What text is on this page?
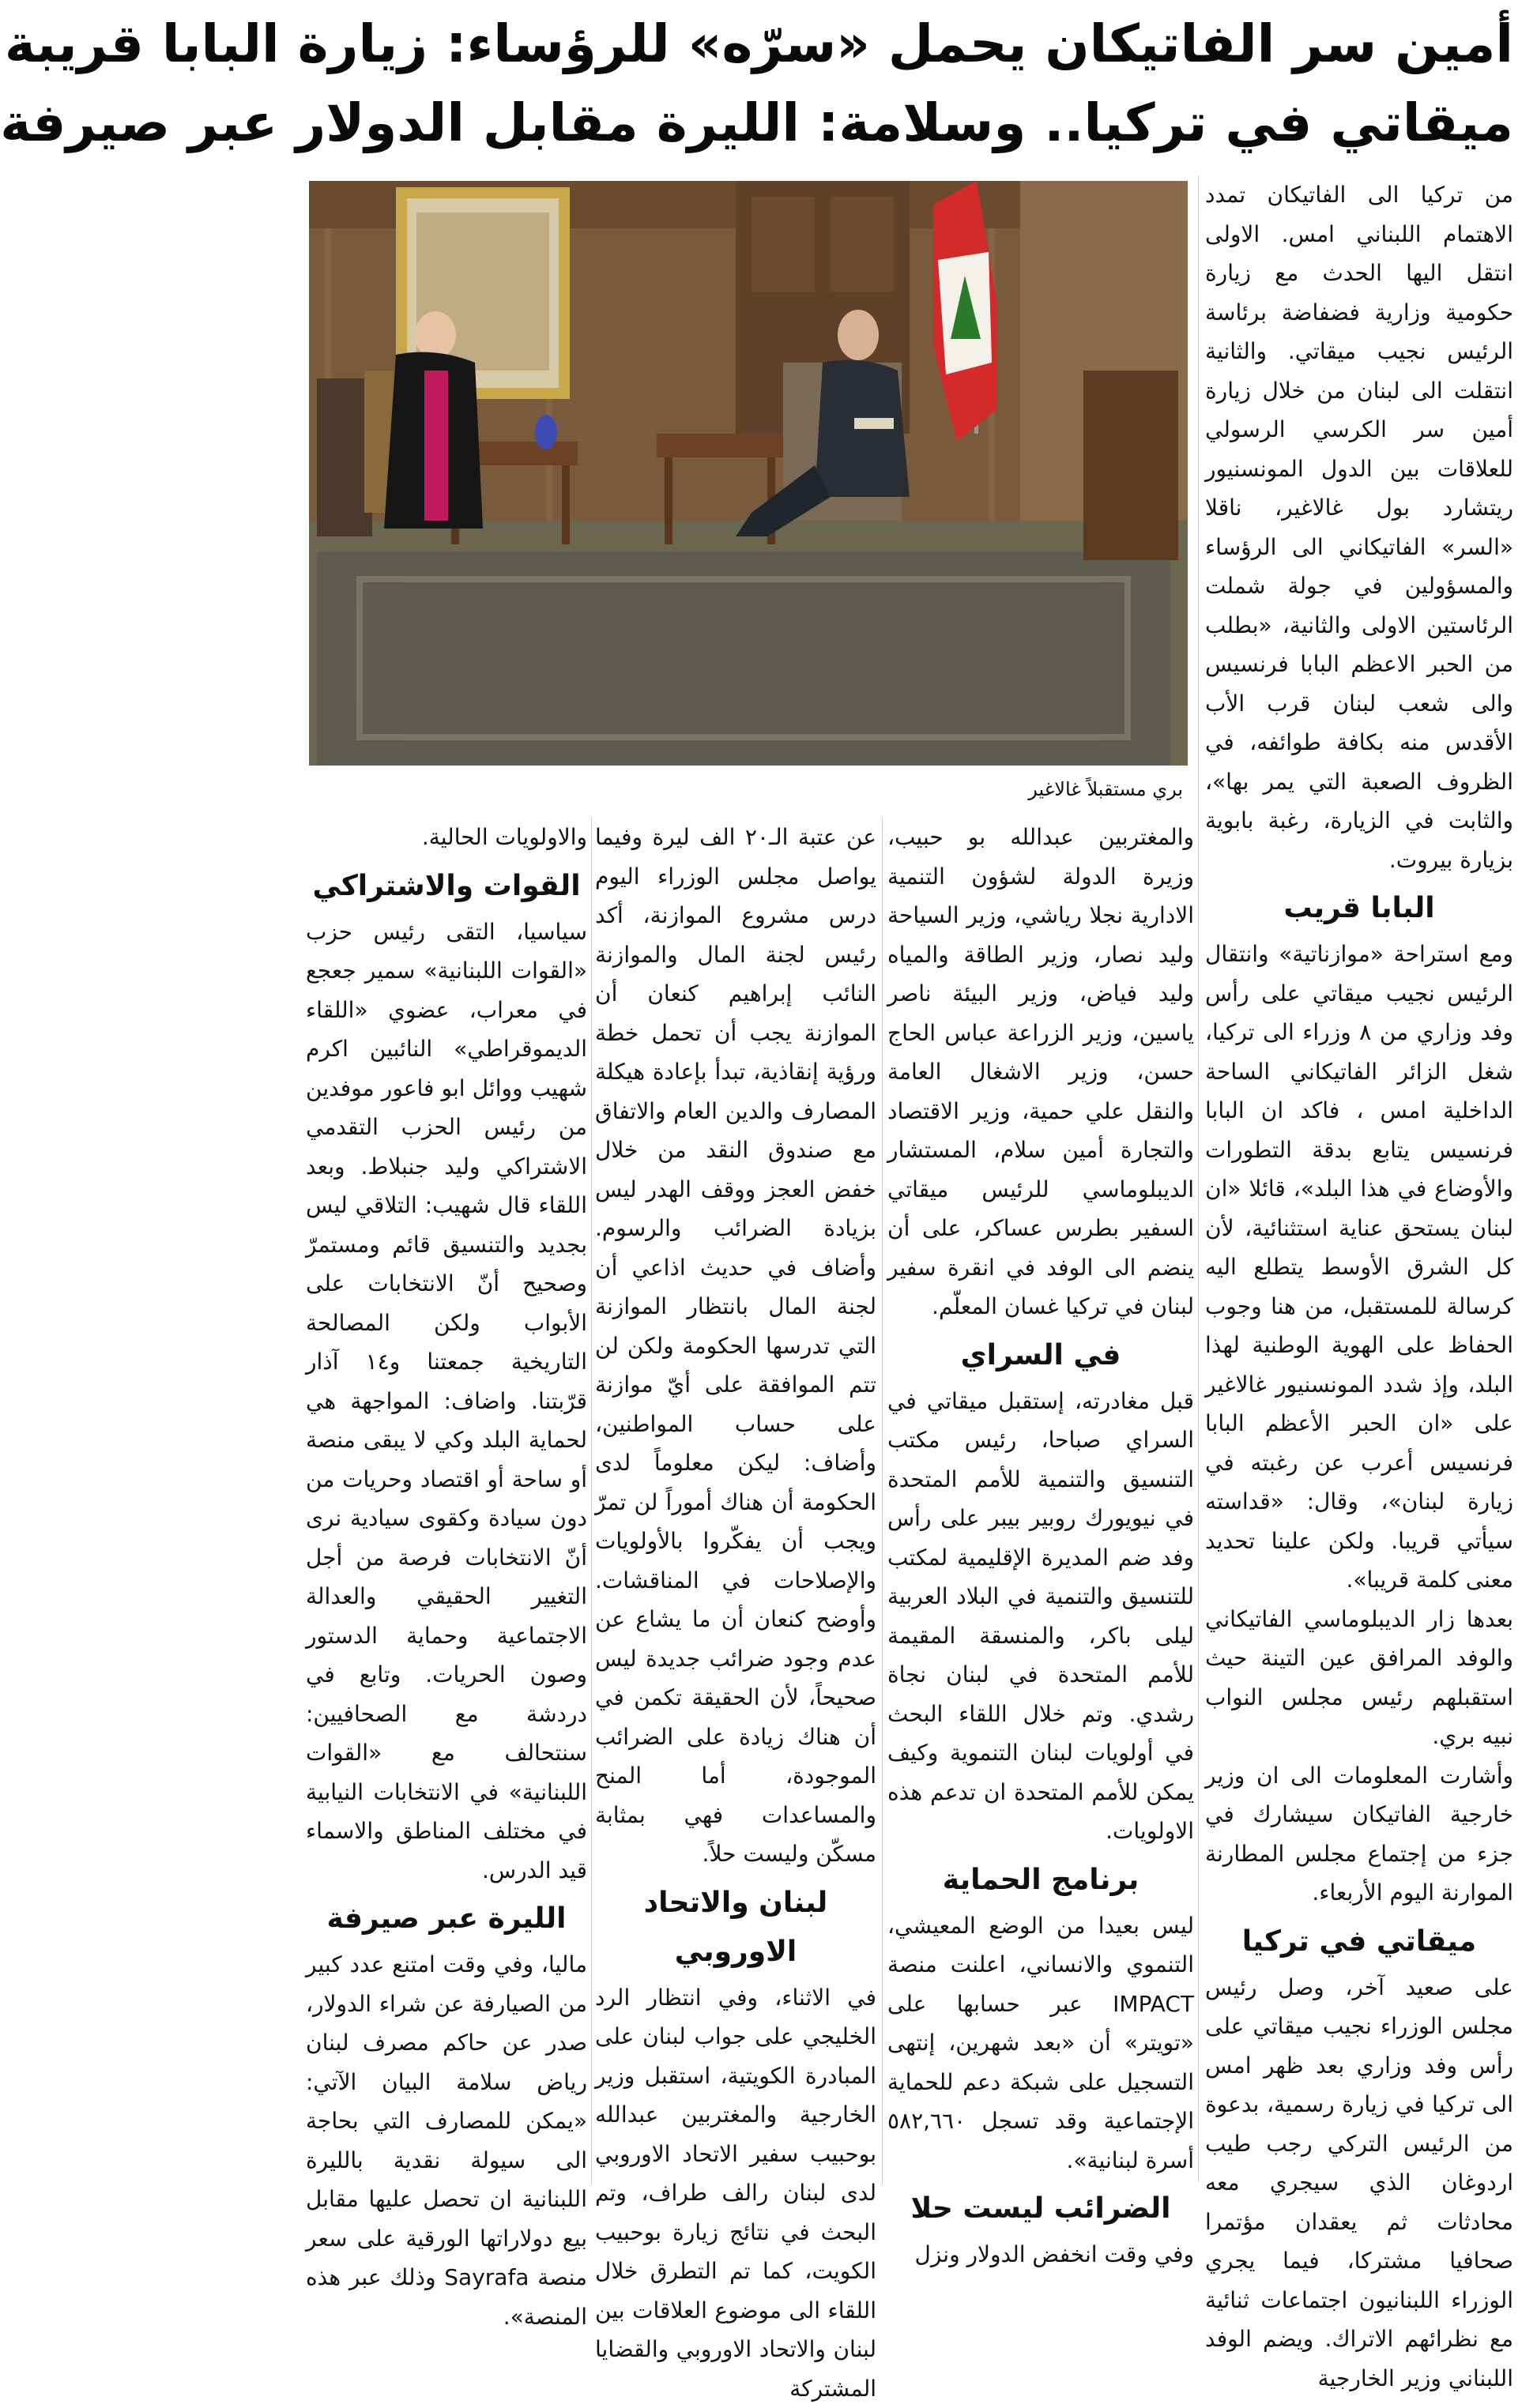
أمين سر الفاتيكان يحمل «سرّه» للرؤساء: زيارة البابا قريبة
ميقاتي في تركيا.. وسلامة: الليرة مقابل الدولار عبر صيرفة
بري مستقبلاً غالاغير

من تركيا الى الفاتيكان تمدد الاهتمام اللبناني امس. الاولى انتقل اليها الحدث مع زيارة حكومية وزارية فضفاضة برئاسة الرئيس نجيب ميقاتي. والثانية انتقلت الى لبنان من خلال زيارة أمين سر الكرسي الرسولي للعلاقات بين الدول المونسنيور ريتشارد بول غالاغير، ناقلا «السر» الفاتيكاني الى الرؤساء والمسؤولين في جولة شملت الرئاستين الاولى والثانية، «بطلب من الحبر الاعظم البابا فرنسيس والى شعب لبنان قرب الأب الأقدس منه بكافة طوائفه، في الظروف الصعبة التي يمر بها»، والثابت في الزيارة، رغبة بابوية بزيارة بيروت.

البابا قريب

ومع استراحة «موازناتية» وانتقال الرئيس نجيب ميقاتي على رأس وفد وزاري من ٨ وزراء الى تركيا، شغل الزائر الفاتيكاني الساحة الداخلية امس ، فاكد ان البابا فرنسيس يتابع بدقة التطورات والأوضاع في هذا البلد»، قائلا «ان لبنان يستحق عناية استثنائية، لأن كل الشرق الأوسط يتطلع اليه كرسالة للمستقبل، من هنا وجوب الحفاظ على الهوية الوطنية لهذا البلد، وإذ شدد المونسنيور غالاغير على «ان الحبر الأعظم البابا فرنسيس أعرب عن رغبته في زيارة لبنان»، وقال: «قداسته سيأتي قريبا. ولكن علينا تحديد معنى كلمة قريبا».

بعدها زار الديبلوماسي الفاتيكاني والوفد المرافق عين التينة حيث استقبلهم رئيس مجلس النواب نبيه بري.

وأشارت المعلومات الى ان وزير خارجية الفاتيكان سيشارك في جزء من إجتماع مجلس المطارنة الموارنة اليوم الأربعاء.

ميقاتي في تركيا

على صعيد آخر، وصل رئيس مجلس الوزراء نجيب ميقاتي على رأس وفد وزاري بعد ظهر امس الى تركيا في زيارة رسمية، بدعوة من الرئيس التركي رجب طيب اردوغان الذي سيجري معه محادثات ثم يعقدان مؤتمرا صحافيا مشتركا، فيما يجري الوزراء اللبنانيون اجتماعات ثنائية مع نظرائهم الاتراك. ويضم الوفد اللبناني وزير الخارجية

والمغتربين عبدالله بو حبيب، وزيرة الدولة لشؤون التنمية الادارية نجلا رياشي، وزير السياحة وليد نصار، وزير الطاقة والمياه وليد فياض، وزير البيئة ناصر ياسين، وزير الزراعة عباس الحاج حسن، وزير الاشغال العامة والنقل علي حمية، وزير الاقتصاد والتجارة أمين سلام، المستشار الديبلوماسي للرئيس ميقاتي السفير بطرس عساكر، على أن ينضم الى الوفد في انقرة سفير لبنان في تركيا غسان المعلّم.

في السراي

قبل مغادرته، إستقبل ميقاتي في السراي صباحا، رئيس مكتب التنسيق والتنمية للأمم المتحدة في نيويورك روبير بيبر على رأس وفد ضم المديرة الإقليمية لمكتب للتنسيق والتنمية في البلاد العربية ليلى باكر، والمنسقة المقيمة للأمم المتحدة في لبنان نجاة رشدي. وتم خلال اللقاء البحث في أولويات لبنان التنموية وكيف يمكن للأمم المتحدة ان تدعم هذه الاولويات.

برنامج الحماية

ليس بعيدا من الوضع المعيشي، التنموي والانساني، اعلنت منصة IMPACT عبر حسابها على «تويتر» أن «بعد شهرين، إنتهى التسجيل على شبكة دعم للحماية الإجتماعية وقد تسجل ٥٨٢,٦٦٠ أسرة لبنانية».

الضرائب ليست حلا

وفي وقت انخفض الدولار ونزل

عن عتبة الـ٢٠ الف ليرة وفيما يواصل مجلس الوزراء اليوم درس مشروع الموازنة، أكد رئيس لجنة المال والموازنة النائب إبراهيم كنعان أن الموازنة يجب أن تحمل خطة ورؤية إنقاذية، تبدأ بإعادة هيكلة المصارف والدين العام والاتفاق مع صندوق النقد من خلال خفض العجز ووقف الهدر ليس بزيادة الضرائب والرسوم. وأضاف في حديث اذاعي أن لجنة المال بانتظار الموازنة التي تدرسها الحكومة ولكن لن تتم الموافقة على أيّ موازنة على حساب المواطنين، وأضاف: ليكن معلوماً لدى الحكومة أن هناك أموراً لن تمرّ ويجب أن يفكّروا بالأولويات والإصلاحات في المناقشات. وأوضح كنعان أن ما يشاع عن عدم وجود ضرائب جديدة ليس صحيحاً، لأن الحقيقة تكمن في أن هناك زيادة على الضرائب الموجودة، أما المنح والمساعدات فهي بمثابة مسكّن وليست حلاً.

لبنان والاتحاد الاوروبي

في الاثناء، وفي انتظار الرد الخليجي على جواب لبنان على المبادرة الكويتية، استقبل وزير الخارجية والمغتربين عبدالله بوحبيب سفير الاتحاد الاوروبي لدى لبنان رالف طراف، وتم البحث في نتائج زيارة بوحبيب الكويت، كما تم التطرق خلال اللقاء الى موضوع العلاقات بين لبنان والاتحاد الاوروبي والقضايا المشتركة

والاولويات الحالية.

القوات والاشتراكي

سياسيا، التقى رئيس حزب «القوات اللبنانية» سمير جعجع في معراب، عضوي «اللقاء الديموقراطي» النائبين اكرم شهيب ووائل ابو فاعور موفدين من رئيس الحزب التقدمي الاشتراكي وليد جنبلاط. وبعد اللقاء قال شهيب: التلاقي ليس بجديد والتنسيق قائم ومستمرّ وصحيح أنّ الانتخابات على الأبواب ولكن المصالحة التاريخية جمعتنا و١٤ آذار قرّبتنا. واضاف: المواجهة هي لحماية البلد وكي لا يبقى منصة أو ساحة أو اقتصاد وحريات من دون سيادة وكقوى سيادية نرى أنّ الانتخابات فرصة من أجل التغيير الحقيقي والعدالة الاجتماعية وحماية الدستور وصون الحريات. وتابع في دردشة مع الصحافيين: سنتحالف مع «القوات اللبنانية» في الانتخابات النيابية في مختلف المناطق والاسماء قيد الدرس.

الليرة عبر صيرفة

ماليا، وفي وقت امتنع عدد كبير من الصيارفة عن شراء الدولار، صدر عن حاكم مصرف لبنان رياض سلامة البيان الآتي: «يمكن للمصارف التي بحاجة الى سيولة نقدية بالليرة اللبنانية ان تحصل عليها مقابل بيع دولاراتها الورقية على سعر منصة Sayrafa وذلك عبر هذه المنصة».
